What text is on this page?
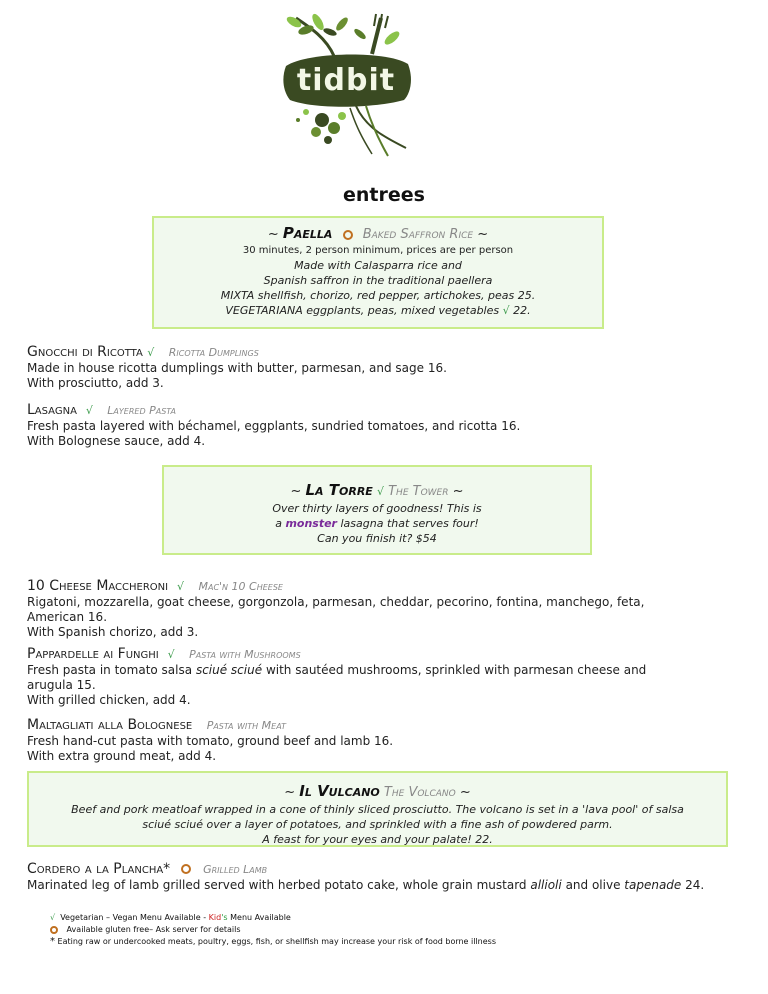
tidbit
entrees
~ Paella Baked Saffron Rice ~
30 minutes, 2 person minimum, prices are per person
Made with Calasparra rice and
Spanish saffron in the traditional paellera
MIXTA shellfish, chorizo, red pepper, artichokes, peas 25.
VEGETARIANA eggplants, peas, mixed vegetables √ 22.
Gnocchi di Ricotta √ Ricotta Dumplings
Made in house ricotta dumplings with butter, parmesan, and sage 16.
With prosciutto, add 3.
Lasagna √ Layered Pasta
Fresh pasta layered with béchamel, eggplants, sundried tomatoes, and ricotta 16.
With Bolognese sauce, add 4.
~ La Torre √ The Tower ~
Over thirty layers of goodness! This is
a monster lasagna that serves four!
Can you finish it? $54
10 Cheese Maccheroni √ Mac'n 10 Cheese
Rigatoni, mozzarella, goat cheese, gorgonzola, parmesan, cheddar, pecorino, fontina, manchego, feta,
American 16.
With Spanish chorizo, add 3.
Pappardelle ai Funghi √ Pasta with Mushrooms
Fresh pasta in tomato salsa sciué sciué with sautéed mushrooms, sprinkled with parmesan cheese and
arugula 15.
With grilled chicken, add 4.
Maltagliati alla Bolognese Pasta with Meat
Fresh hand-cut pasta with tomato, ground beef and lamb 16.
With extra ground meat, add 4.
~ Il Vulcano The Volcano ~
Beef and pork meatloaf wrapped in a cone of thinly sliced prosciutto. The volcano is set in a 'lava pool' of salsa
sciué sciué over a layer of potatoes, and sprinkled with a fine ash of powdered parm.
A feast for your eyes and your palate! 22.
Cordero a la Plancha*	Grilled Lamb
Marinated leg of lamb grilled served with herbed potato cake, whole grain mustard allioli and olive tapenade 24.
√ Vegetarian – Vegan Menu Available - Kid's Menu Available
Available gluten free– Ask server for details
* Eating raw or undercooked meats, poultry, eggs, fish, or shellfish may increase your risk of food borne illness
